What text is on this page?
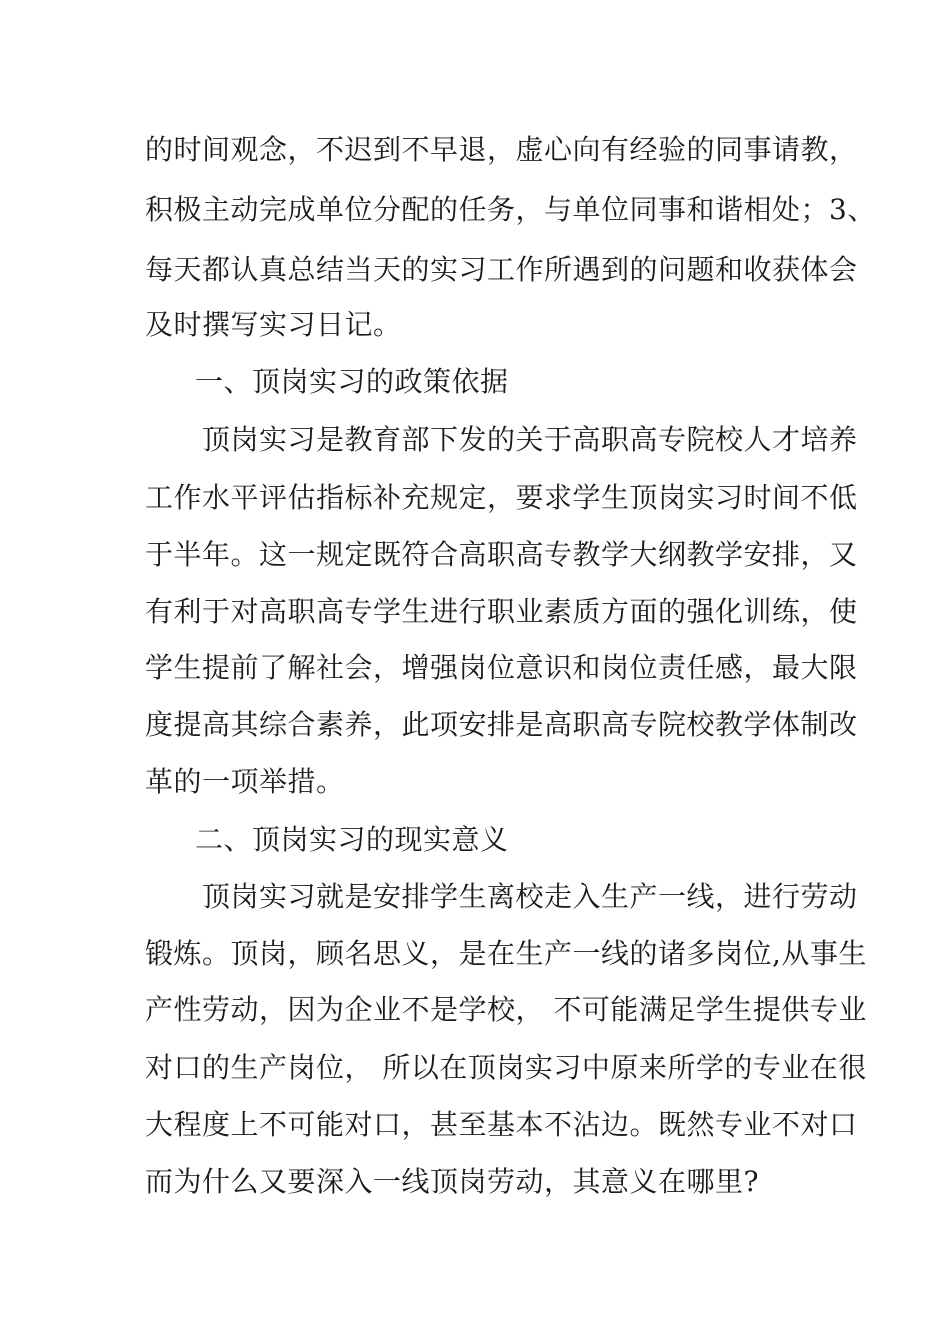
的时间观念，不迟到不早退，虚心向有经验的同事请教，
积极主动完成单位分配的任务，与单位同事和谐相处；3、
每天都认真总结当天的实习工作所遇到的问题和收获体会
及时撰写实习日记。
一、顶岗实习的政策依据
　　顶岗实习是教育部下发的关于高职高专院校人才培养
工作水平评估指标补充规定，要求学生顶岗实习时间不低
于半年。这一规定既符合高职高专教学大纲教学安排，又
有利于对高职高专学生进行职业素质方面的强化训练，使
学生提前了解社会，增强岗位意识和岗位责任感，最大限
度提高其综合素养，此项安排是高职高专院校教学体制改
革的一项举措。
二、顶岗实习的现实意义
　　顶岗实习就是安排学生离校走入生产一线，进行劳动
锻炼。顶岗，顾名思义，是在生产一线的诸多岗位,从事生
产性劳动，因为企业不是学校， 不可能满足学生提供专业
对口的生产岗位， 所以在顶岗实习中原来所学的专业在很
大程度上不可能对口，甚至基本不沾边。既然专业不对口
而为什么又要深入一线顶岗劳动，其意义在哪里?
